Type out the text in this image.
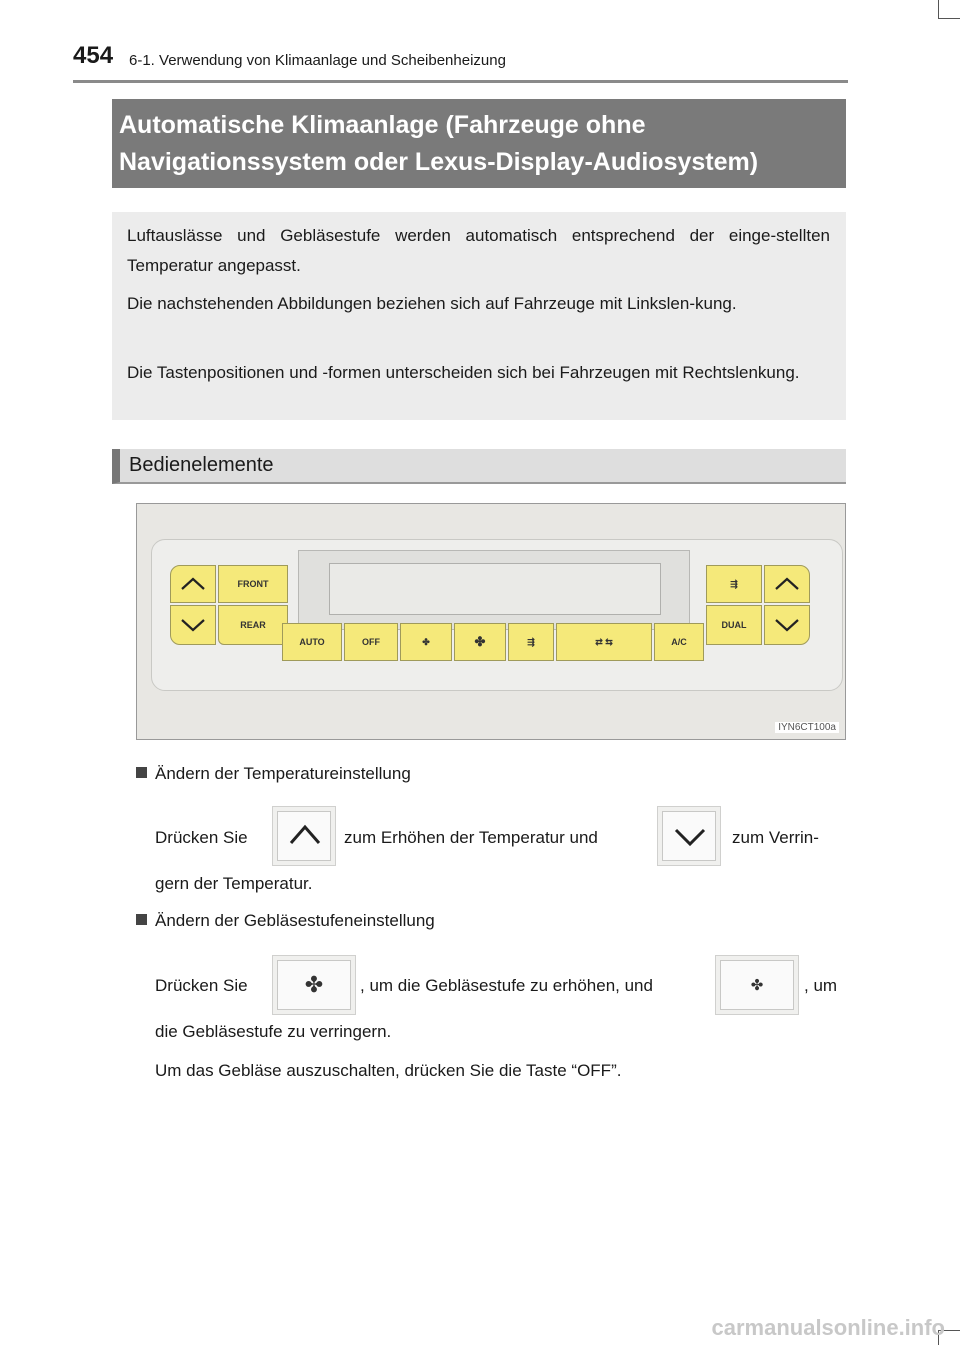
454 6-1. Verwendung von Klimaanlage und Scheibenheizung
Automatische Klimaanlage (Fahrzeuge ohne
Navigationssystem oder Lexus-Display-Audiosystem)

Luftauslässe und Gebläsestufe werden automatisch entsprechend der einge-stellten Temperatur angepasst.

Die nachstehenden Abbildungen beziehen sich auf Fahrzeuge mit Linkslen-kung.

Die Tastenpositionen und -formen unterscheiden sich bei Fahrzeugen mit Rechtslenkung.

Bedienelemente
FRONT
REAR
AUTO	OFF	✤	✤	⇶	⇄ ⇆	A/C
⇶
DUAL
IYN6CT100a
Ändern der Temperatureinstellung
Drücken Sie	zum Erhöhen der Temperatur und	zum Verrin-
gern der Temperatur.
Ändern der Gebläsestufeneinstellung
Drücken Sie	✤	, um die Gebläsestufe zu erhöhen, und	✤	, um
die Gebläsestufe zu verringern.
Um das Gebläse auszuschalten, drücken Sie die Taste “OFF”.
carmanualsonline.info
